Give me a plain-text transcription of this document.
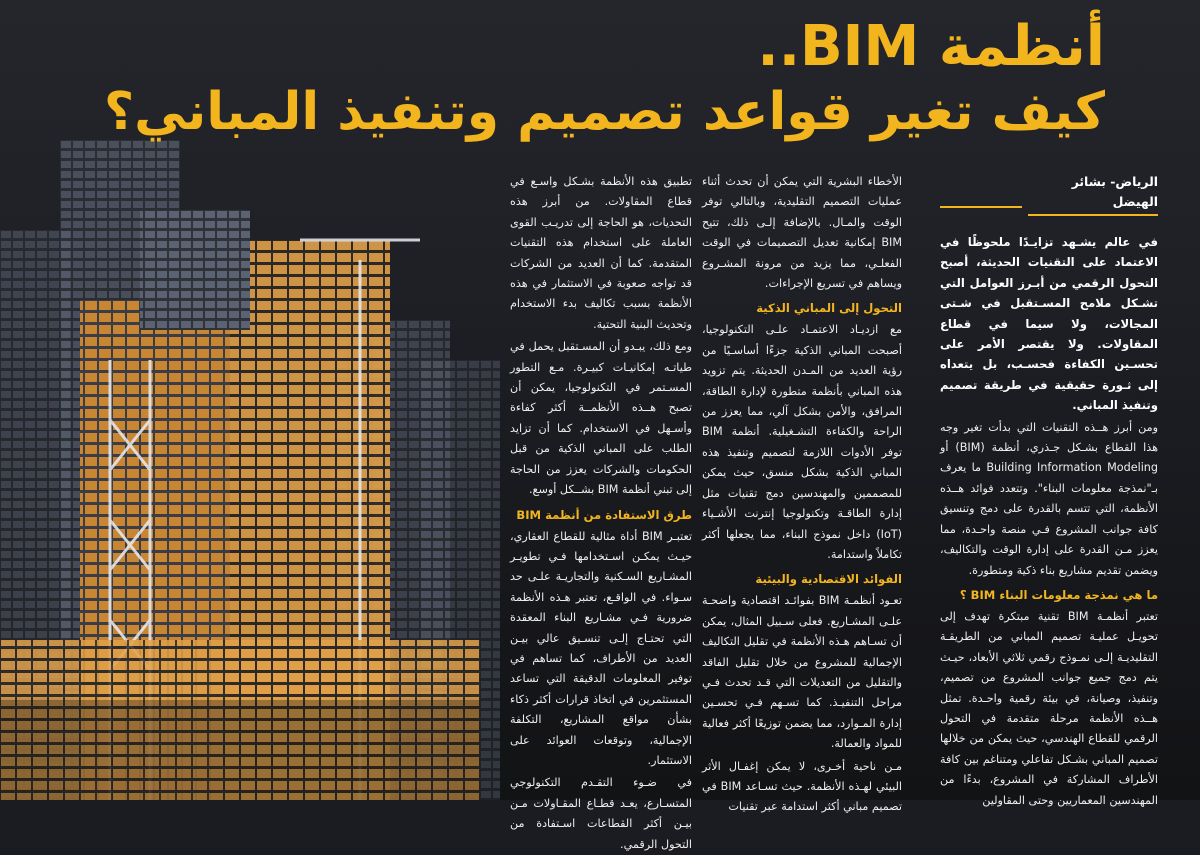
أنظمة BIM..
كيف تغير قواعد تصميم وتنفيذ المباني؟
الرياض- بشائر الهيضل

في عالم يشـهد تزايـدًا ملحوظًا في الاعتماد على التقنيات الحديثة، أصبح التحول الرقمي من أبـرز العوامل التي تشـكل ملامح المسـتقبل في شـتى المجالات، ولا سيما في قطاع المقاولات. ولا يقتصر الأمر على تحسـين الكفاءة فحسـب، بل يتعداه إلى ثـورة حقيقية في طريقة تصميم وتنفيذ المباني.

ومن أبرز هــذه التقنيات التي بدأت تغير وجه هذا القطاع بشـكل جـذري، أنظمة (BIM) أو Building Information Modeling ما يعرف بـ"نمذجة معلومات البناء". وتتعدد فوائد هــذه الأنظمة، التي تتسم بالقدرة على دمج وتنسيق كافة جوانب المشروع فـي منصة واحـدة، مما يعزز مـن القدرة على إدارة الوقت والتكاليف، ويضمن تقديم مشاريع بناء ذكية ومتطورة.

ما هي نمذجة معلومات البناء BIM ؟

تعتبر أنظمـة BIM تقنية مبتكرة تهدف إلى تحويـل عمليـة تصميم المباني من الطريقـة التقليديـة إلـى نمـوذج رقمي ثلاثي الأبعاد، حيـث يتم دمج جميع جوانب المشروع من تصميم، وتنفيذ، وصيانة، في بيئة رقمية واحـدة. تمثل هــذه الأنظمة مرحلة متقدمة في التحول الرقمي للقطاع الهندسي، حيث يمكن من خلالها تصميم المباني بشـكل تفاعلي ومتناغم بين كافة الأطراف المشاركة في المشروع، بدءًا من المهندسين المعماريين وحتى المقاولين

الأخطاء البشرية التي يمكن أن تحدث أثناء عمليات التصميم التقليدية، وبالتالي توفر الوقت والمـال. بالإضافة إلـى ذلك، تتيح BIM إمكانية تعديل التصميمات في الوقت الفعلـي، مما يزيد من مرونة المشـروع ويساهم في تسريع الإجراءات.

التحول إلى المباني الذكية

مع ازديـاد الاعتمـاد علـى التكنولوجيا، أصبحت المباني الذكية جزءًا أساسـيًا من رؤية العديد من المـدن الحديثة. يتم تزويد هذه المباني بأنظمة متطورة لإدارة الطاقة، المرافق، والأمن بشكل آلي، مما يعزز من الراحة والكفاءة التشـغيلية. أنظمة BIM توفر الأدوات اللازمة لتصميم وتنفيذ هذه المباني الذكية بشكل منسق، حيث يمكن للمصممين والمهندسين دمج تقنيات مثل إدارة الطاقـة وتكنولوجيا إنترنت الأشـياء (IoT) داخل نموذج البناء، مما يجعلها أكثر تكاملاً واستدامة.

الفوائد الاقتصادية والبيئية

تعـود أنظمـة BIM بفوائـد اقتصادية واضحـة علـى المشـاريع. فعلى سـبيل المثال، يمكن أن تسـاهم هـذه الأنظمة في تقليل التكاليف الإجمالية للمشروع من خلال تقليل الفاقد والتقليل من التعديلات التي قـد تحدث فـي مراحل التنفيـذ. كما تسـهم فـي تحسـين إدارة المـوارد، مما يضمن توزيعًا أكثر فعالية للمواد والعمالة.

مـن ناحية أخـرى، لا يمكن إغفـال الأثر البيئي لهـذه الأنظمة. حيث تسـاعد BIM في تصميم مباني أكثر استدامة عبر تقنيات

تطبيق هذه الأنظمة بشـكل واسـع في قطاع المقاولات. من أبرز هذه التحديات، هو الحاجة إلى تدريـب القوى العاملة على استخدام هذه التقنيات المتقدمة. كما أن العديد من الشركات قد تواجه صعوبة في الاستثمار في هذه الأنظمة بسبب تكاليف بدء الاستخدام وتحديث البنية التحتية.

ومع ذلك، يبـدو أن المسـتقبل يحمل في طياتـه إمكانيـات كبيـرة. مـع التطور المسـتمر في التكنولوجيا، يمكن أن تصبح هــذه الأنظمــة أكثر كفاءة وأسـهل في الاستخدام. كما أن تزايد الطلب على المباني الذكية من قبل الحكومات والشركات يعزز من الحاجة إلى تبني أنظمة BIM بشــكل أوسع.

طرق الاستفادة من أنظمة BIM

تعتبـر BIM أداة مثالية للقطاع العقاري، حيـث يمكـن اسـتخدامها فـي تطويـر المشـاريع السـكنية والتجاريـة علـى حد سـواء. في الواقـع، تعتبر هـذه الأنظمة ضرورية فـي مشـاريع البناء المعقدة التي تحتـاج إلـى تنسـيق عالي بيـن العديد من الأطراف، كما تساهم في توفير المعلومات الدقيقة التي تساعد المستثمرين في اتخاذ قرارات أكثر ذكاء بشأن مواقع المشاريع، التكلفة الإجمالية، وتوقعات العوائد على الاستثمار.

في ضـوء التقـدم التكنولوجي المتسـارع، يعـد قطـاع المقـاولات مـن بيـن أكثر القطاعات اسـتفادة من التحول الرقمي.
